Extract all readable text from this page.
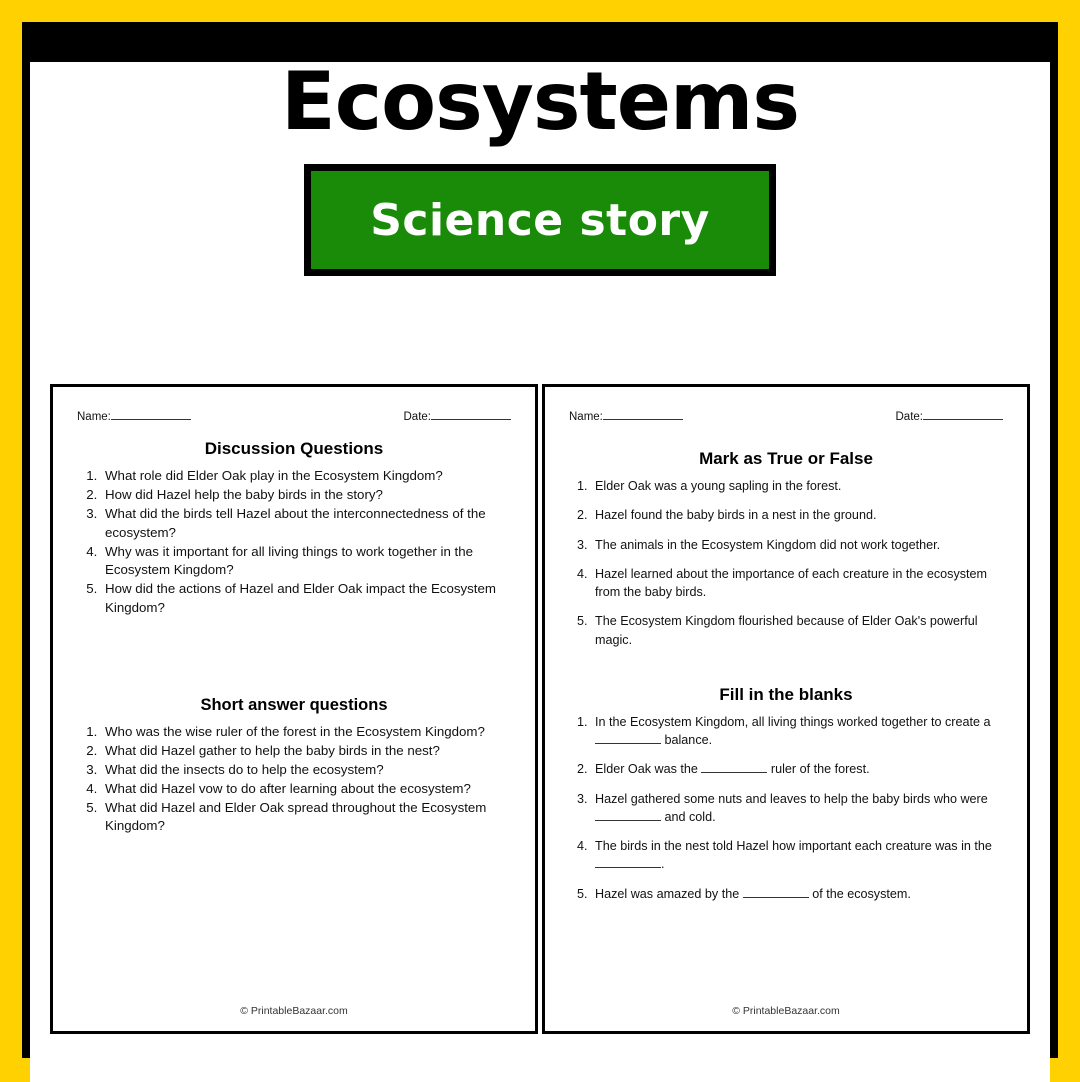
Ecosystems
Science story
Name:	Date:
Discussion Questions
1. What role did Elder Oak play in the Ecosystem Kingdom?
2. How did Hazel help the baby birds in the story?
3. What did the birds tell Hazel about the interconnectedness of the ecosystem?
4. Why was it important for all living things to work together in the Ecosystem Kingdom?
5. How did the actions of Hazel and Elder Oak impact the Ecosystem Kingdom?
Short answer questions
1. Who was the wise ruler of the forest in the Ecosystem Kingdom?
2. What did Hazel gather to help the baby birds in the nest?
3. What did the insects do to help the ecosystem?
4. What did Hazel vow to do after learning about the ecosystem?
5. What did Hazel and Elder Oak spread throughout the Ecosystem Kingdom?
© PrintableBazaar.com
Name:	Date:
Mark as True or False
1. Elder Oak was a young sapling in the forest.
2. Hazel found the baby birds in a nest in the ground.
3. The animals in the Ecosystem Kingdom did not work together.
4. Hazel learned about the importance of each creature in the ecosystem from the baby birds.
5. The Ecosystem Kingdom flourished because of Elder Oak's powerful magic.
Fill in the blanks
1. In the Ecosystem Kingdom, all living things worked together to create a  balance.
2. Elder Oak was the	ruler of the forest.
3. Hazel gathered some nuts and leaves to help the baby birds who were  and cold.
4. The birds in the nest told Hazel how important each creature was in the .
5. Hazel was amazed by the	of the ecosystem.
© PrintableBazaar.com
